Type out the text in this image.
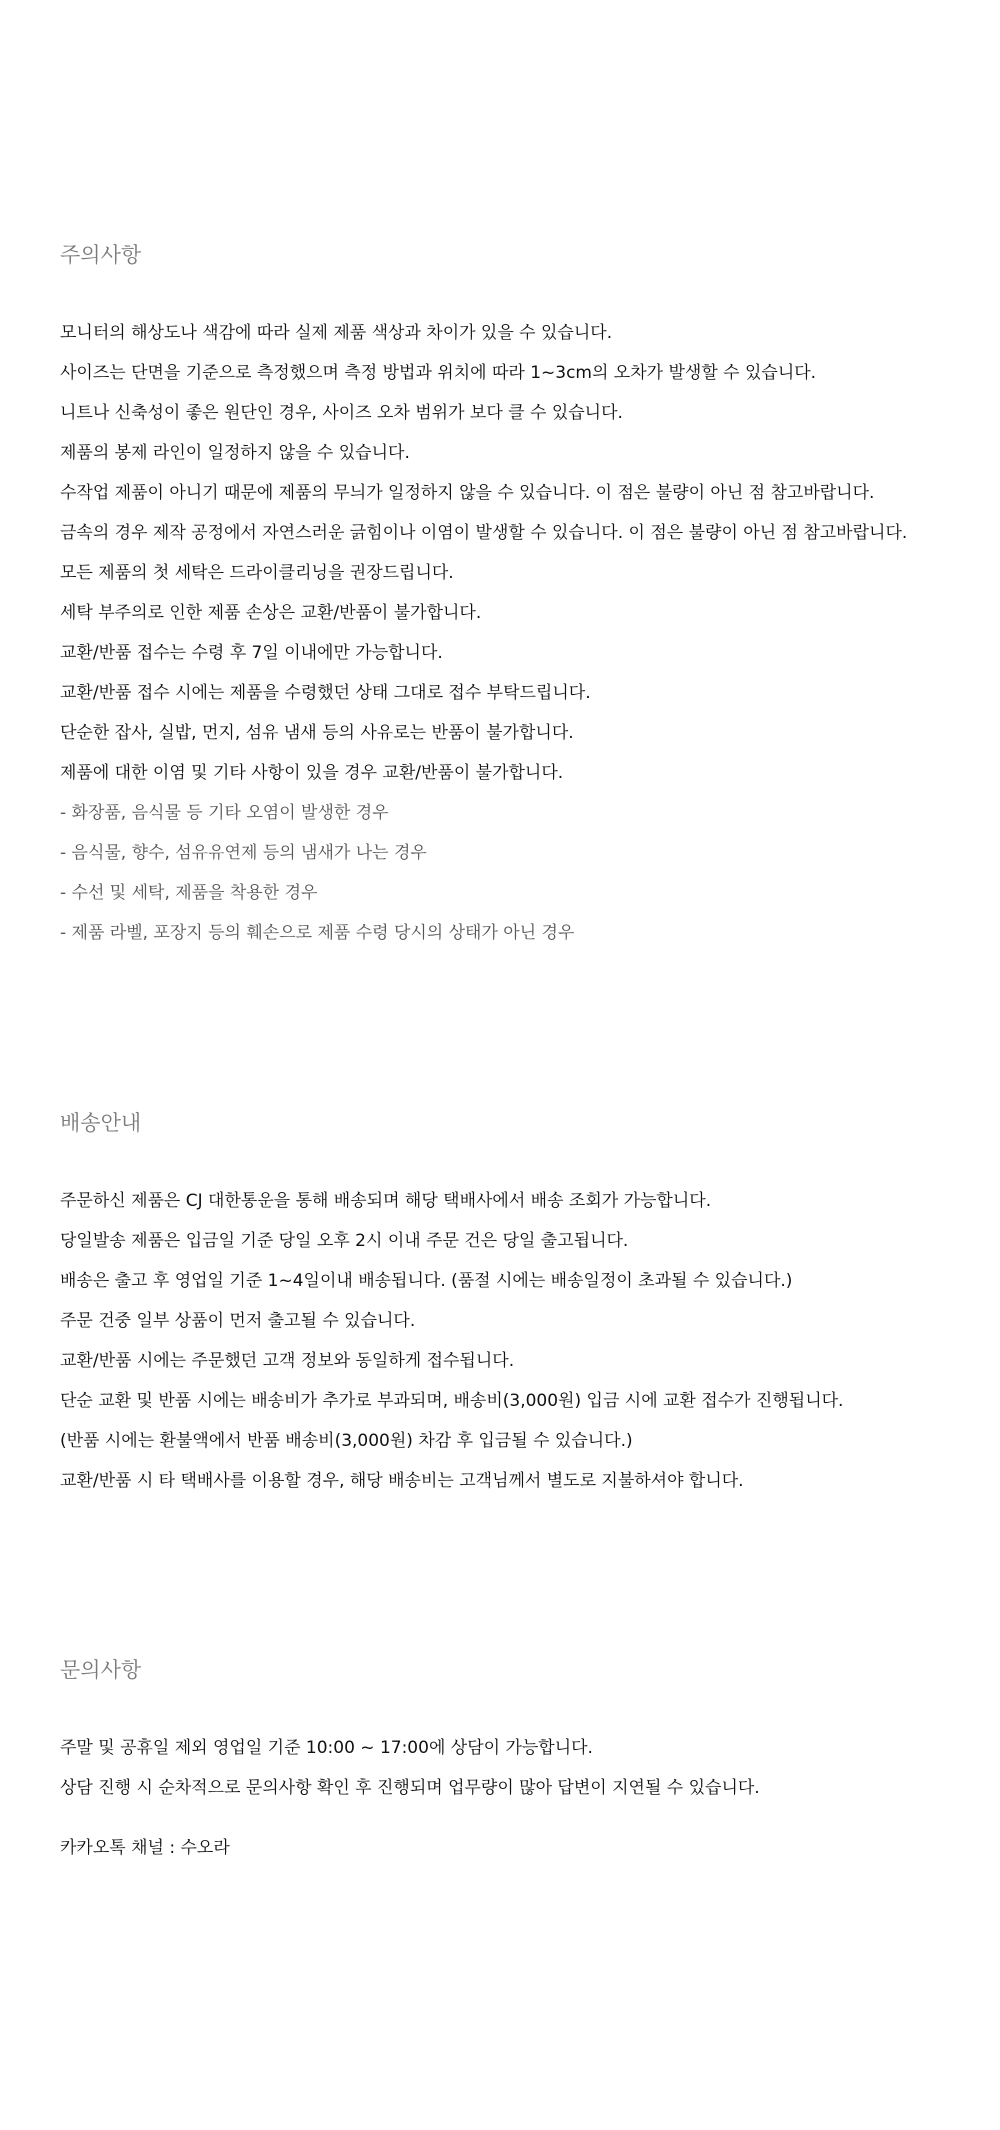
주의사항
모니터의 해상도나 색감에 따라 실제 제품 색상과 차이가 있을 수 있습니다.
사이즈는 단면을 기준으로 측정했으며 측정 방법과 위치에 따라 1~3cm의 오차가 발생할 수 있습니다.
니트나 신축성이 좋은 원단인 경우, 사이즈 오차 범위가 보다 클 수 있습니다.
제품의 봉제 라인이 일정하지 않을 수 있습니다.
수작업 제품이 아니기 때문에 제품의 무늬가 일정하지 않을 수 있습니다. 이 점은 불량이 아닌 점 참고바랍니다.
금속의 경우 제작 공정에서 자연스러운 긁힘이나 이염이 발생할 수 있습니다. 이 점은 불량이 아닌 점 참고바랍니다.
모든 제품의 첫 세탁은 드라이클리닝을 권장드립니다.
세탁 부주의로 인한 제품 손상은 교환/반품이 불가합니다.
교환/반품 접수는 수령 후 7일 이내에만 가능합니다.
교환/반품 접수 시에는 제품을 수령했던 상태 그대로 접수 부탁드립니다.
단순한 잡사, 실밥, 먼지, 섬유 냄새 등의 사유로는 반품이 불가합니다.
제품에 대한 이염 및 기타 사항이 있을 경우 교환/반품이 불가합니다.
- 화장품, 음식물 등 기타 오염이 발생한 경우
- 음식물, 향수, 섬유유연제 등의 냄새가 나는 경우
- 수선 및 세탁, 제품을 착용한 경우
- 제품 라벨, 포장지 등의 훼손으로 제품 수령 당시의 상태가 아닌 경우
배송안내
주문하신 제품은 CJ 대한통운을 통해 배송되며 해당 택배사에서 배송 조회가 가능합니다.
당일발송 제품은 입금일 기준 당일 오후 2시 이내 주문 건은 당일 출고됩니다.
배송은 출고 후 영업일 기준 1~4일이내 배송됩니다. (품절 시에는 배송일정이 초과될 수 있습니다.)
주문 건중 일부 상품이 먼저 출고될 수 있습니다.
교환/반품 시에는 주문했던 고객 정보와 동일하게 접수됩니다.
단순 교환 및 반품 시에는 배송비가 추가로 부과되며, 배송비(3,000원) 입금 시에 교환 접수가 진행됩니다.
(반품 시에는 환불액에서 반품 배송비(3,000원) 차감 후 입금될 수 있습니다.)
교환/반품 시 타 택배사를 이용할 경우, 해당 배송비는 고객님께서 별도로 지불하셔야 합니다.
문의사항
주말 및 공휴일 제외 영업일 기준 10:00 ~ 17:00에 상담이 가능합니다.
상담 진행 시 순차적으로 문의사항 확인 후 진행되며 업무량이 많아 답변이 지연될 수 있습니다.
카카오톡 채널 : 수오라
